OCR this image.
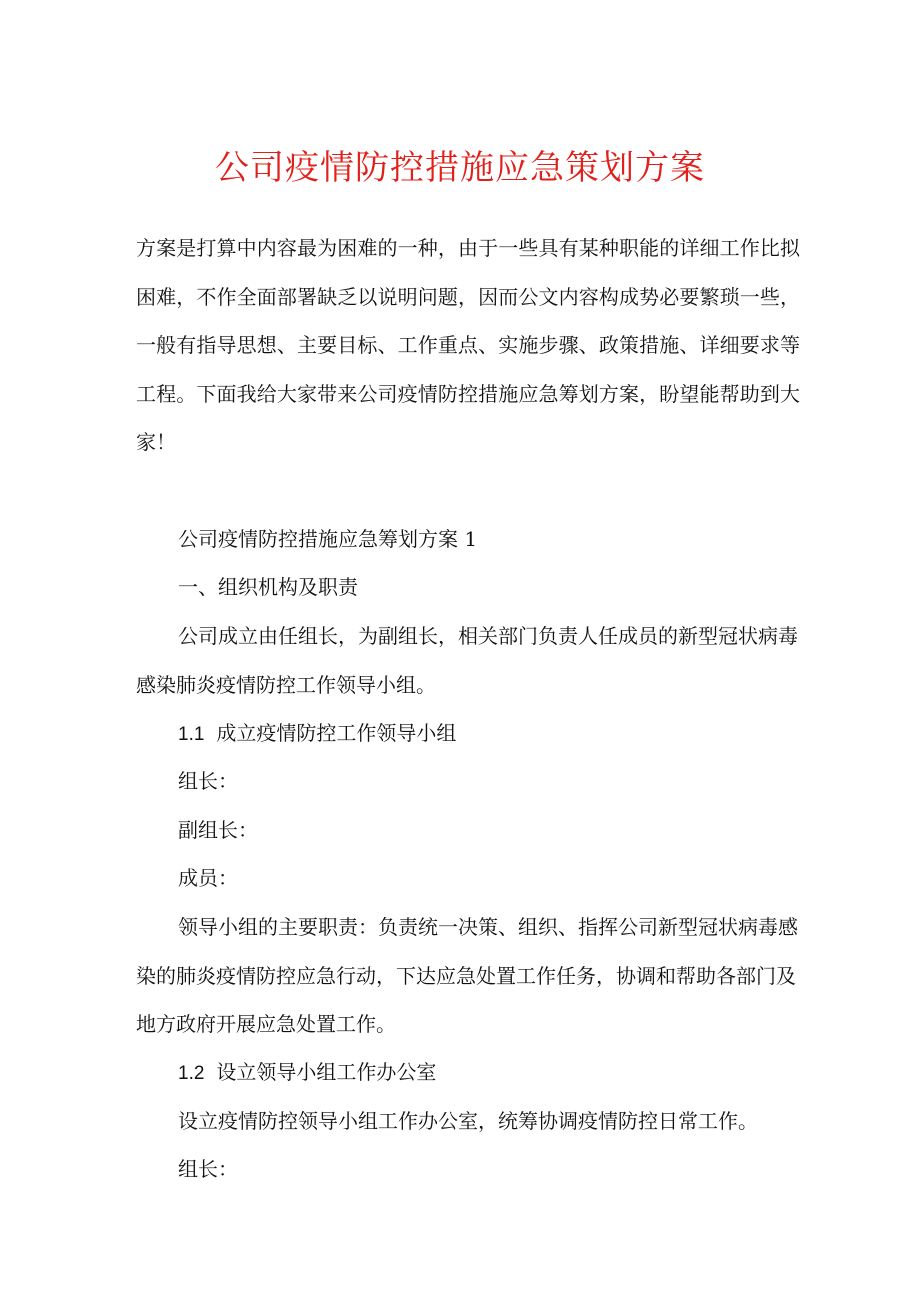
公司疫情防控措施应急策划方案

方案是打算中内容最为困难的一种，由于一些具有某种职能的详细工作比拟困难，不作全面部署缺乏以说明问题，因而公文内容构成势必要繁琐一些，一般有指导思想、主要目标、工作重点、实施步骤、政策措施、详细要求等工程。下面我给大家带来公司疫情防控措施应急筹划方案，盼望能帮助到大家！

公司疫情防控措施应急筹划方案 1
一、组织机构及职责

公司成立由任组长，为副组长，相关部门负责人任成员的新型冠状病毒感染肺炎疫情防控工作领导小组。

1.1 成立疫情防控工作领导小组
组长：
副组长：
成员：

领导小组的主要职责：负责统一决策、组织、指挥公司新型冠状病毒感染的肺炎疫情防控应急行动，下达应急处置工作任务，协调和帮助各部门及地方政府开展应急处置工作。

1.2 设立领导小组工作办公室

设立疫情防控领导小组工作办公室，统筹协调疫情防控日常工作。

组长：
